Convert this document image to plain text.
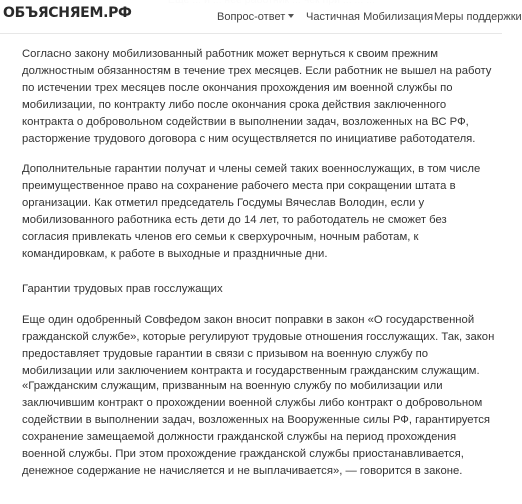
Согласно закону мобилизованный работник может вернуться к своим прежним должностным обязанностям в течение трех месяцев. Если работник не вышел на работу по истечении трех месяцев после окончания прохождения им военной службы по мобилизации, по контракту либо после окончания срока действия заключенного контракта о добровольном содействии в выполнении задач, возложенных на ВС РФ, расторжение трудового договора с ним осуществляется по инициативе работодателя.

Дополнительные гарантии получат и члены семей таких военнослужащих, в том числе преимущественное право на сохранение рабочего места при сокращении штата в организации. Как отметил председатель Госдумы Вячеслав Володин, если у мобилизованного работника есть дети до 14 лет, то работодатель не сможет без согласия привлекать членов его семьи к сверхурочным, ночным работам, к командировкам, к работе в выходные и праздничные дни.

Гарантии трудовых прав госслужащих

Еще один одобренный Совфедом закон вносит поправки в закон «О государственной гражданской службе», которые регулируют трудовые отношения госслужащих. Так, закон предоставляет трудовые гарантии в связи с призывом на военную службу по мобилизации или заключением контракта и государственным гражданским служащим.

«Гражданским служащим, призванным на военную службу по мобилизации или заключившим контракт о прохождении военной службы либо контракт о добровольном содействии в выполнении задач, возложенных на Вооруженные силы РФ, гарантируется сохранение замещаемой должности гражданской службы на период прохождения военной службы. При этом прохождение гражданской службы приостанавливается, денежное содержание не начисляется и не выплачивается», — говорится в законе.

ОБЪЯСНЯЕМ.РФ	Вопрос-ответ	Частичная Мобилизация Меры поддержки
